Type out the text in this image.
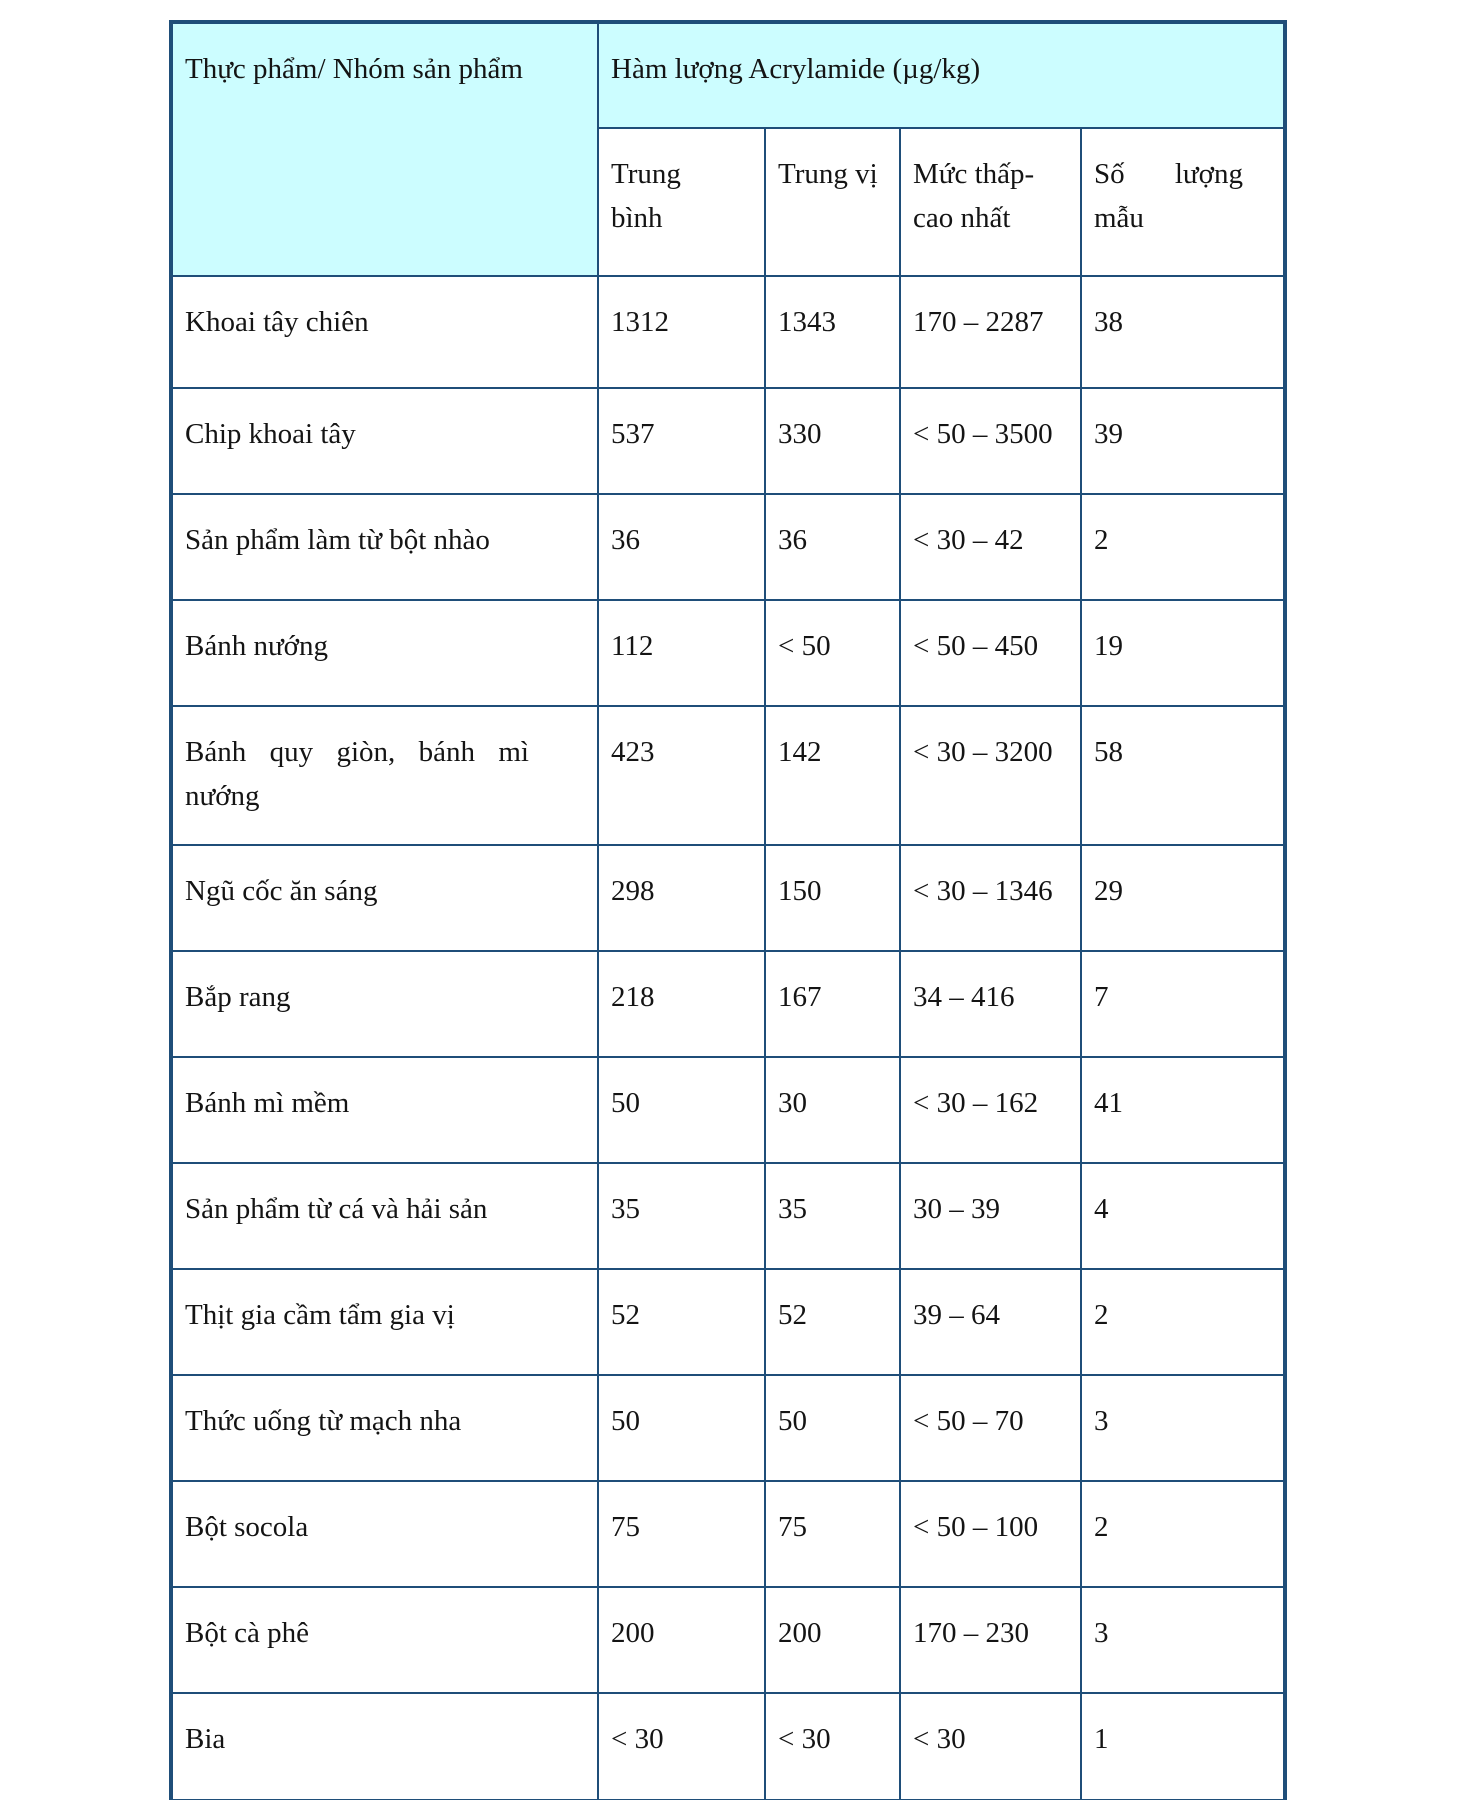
Thực phẩm/ Nhóm sản phẩm	Hàm lượng Acrylamide (µg/kg)			
	Trung bình	Trung vị	Mức thấp-cao nhất	Số lượng mẫu
Khoai tây chiên	1312	1343	170 – 2287	38
Chip khoai tây	537	330	< 50 – 3500	39
Sản phẩm làm từ bột nhào	36	36	< 30 – 42	2
Bánh nướng	112	< 50	< 50 – 450	19
Bánh quy giòn, bánh mì nướng	423	142	< 30 – 3200	58
Ngũ cốc ăn sáng	298	150	< 30 – 1346	29
Bắp rang	218	167	34 – 416	7
Bánh mì mềm	50	30	< 30 – 162	41
Sản phẩm từ cá và hải sản	35	35	30 – 39	4
Thịt gia cầm tẩm gia vị	52	52	39 – 64	2
Thức uống từ mạch nha	50	50	< 50 – 70	3
Bột socola	75	75	< 50 – 100	2
Bột cà phê	200	200	170 – 230	3
Bia	< 30	< 30	< 30	1
